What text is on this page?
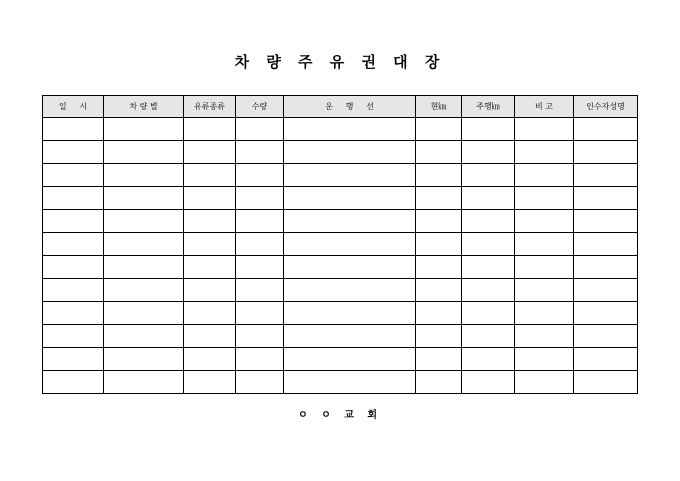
차 량 주 유 권 대 장
일     시	차 량 별	유류종류	수량	운     행     선	현㎞	주행㎞	비 고	인수자성명

ㅇ ㅇ 교 회
